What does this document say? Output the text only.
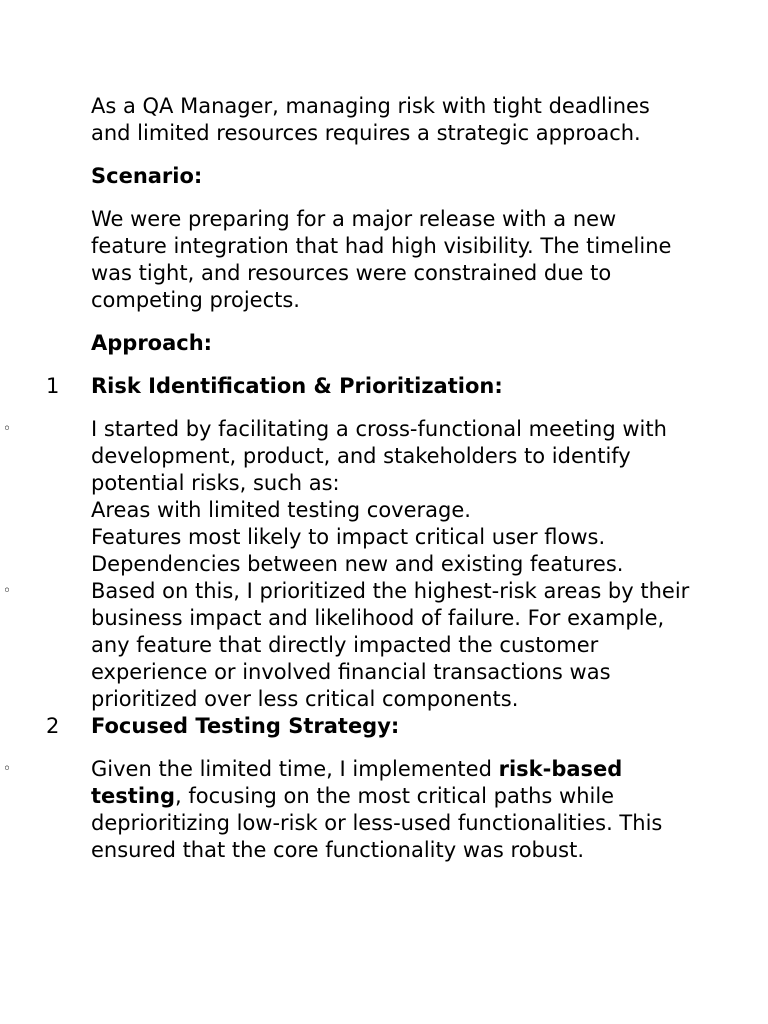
As a QA Manager, managing risk with tight deadlines and limited resources requires a strategic approach.

Scenario:

We were preparing for a major release with a new feature integration that had high visibility. The timeline was tight, and resources were constrained due to competing projects.

Approach:

1 Risk Identification & Prioritization:

◦	I started by facilitating a cross-functional meeting with development, product, and stakeholders to identify potential risks, such as:
Areas with limited testing coverage.
Features most likely to impact critical user flows.
Dependencies between new and existing features.
◦	Based on this, I prioritized the highest-risk areas by their business impact and likelihood of failure. For example, any feature that directly impacted the customer experience or involved financial transactions was prioritized over less critical components.

2 Focused Testing Strategy:

◦	Given the limited time, I implemented risk-based testing, focusing on the most critical paths while deprioritizing low-risk or less-used functionalities. This ensured that the core functionality was robust.
